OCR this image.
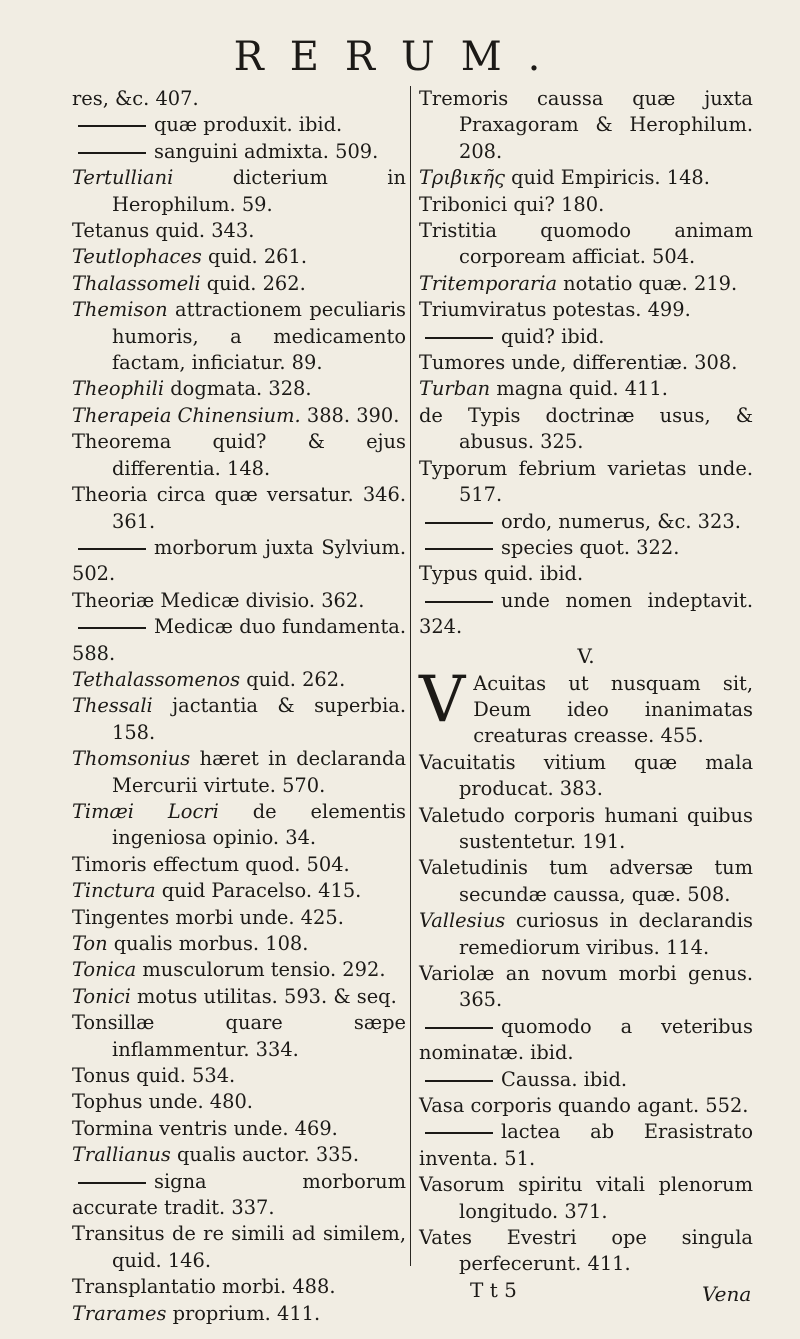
RERUM.
res, &c. 407.
quæ produxit. ibid.
sanguini admixta. 509.
Tertulliani dicterium in Herophilum. 59.
Tetanus quid. 343.
Teutlophaces quid. 261.
Thalassomeli quid. 262.
Themison attractionem peculiaris humoris, a medicamento factam, inficiatur. 89.
Theophili dogmata. 328.
Therapeia Chinensium. 388. 390.
Theorema quid? & ejus differentia. 148.
Theoria circa quæ versatur. 346. 361.
morborum juxta Sylvium. 502.
Theoriæ Medicæ divisio. 362.
Medicæ duo fundamenta. 588.
Tethalassomenos quid. 262.
Thessali jactantia & superbia. 158.
Thomsonius hæret in declaranda Mercurii virtute. 570.
Timæi Locri de elementis ingeniosa opinio. 34.
Timoris effectum quod. 504.
Tinctura quid Paracelso. 415.
Tingentes morbi unde. 425.
Ton qualis morbus. 108.
Tonica musculorum tensio. 292.
Tonici motus utilitas. 593. & seq.
Tonsillæ quare sæpe inflammentur. 334.
Tonus quid. 534.
Tophus unde. 480.
Tormina ventris unde. 469.
Trallianus qualis auctor. 335.
signa morborum accurate tradit. 337.
Transitus de re simili ad similem, quid. 146.
Transplantatio morbi. 488.
Trarames proprium. 411.
Tremoris caussa quæ juxta Praxagoram & Herophilum. 208.
Τριβικῆς quid Empiricis. 148.
Tribonici qui? 180.
Tristitia quomodo animam corpoream afficiat. 504.
Tritemporaria notatio quæ. 219.
Triumviratus potestas. 499.
quid? ibid.
Tumores unde, differentiæ. 308.
Turban magna quid. 411.
de Typis doctrinæ usus, & abusus. 325.
Typorum febrium varietas unde. 517.
ordo, numerus, &c. 323.
species quot. 322.
Typus quid. ibid.
unde nomen indeptavit. 324.
V.
V Acuitas ut nusquam sit, Deum ideo inanimatas creaturas creasse. 455.
Vacuitatis vitium quæ mala producat. 383.
Valetudo corporis humani quibus sustentetur. 191.
Valetudinis tum adversæ tum secundæ caussa, quæ. 508.
Vallesius curiosus in declarandis remediorum viribus. 114.
Variolæ an novum morbi genus. 365.
quomodo a veteribus nominatæ. ibid.
Caussa. ibid.
Vasa corporis quando agant. 552.
lactea ab Erasistrato inventa. 51.
Vasorum spiritu vitali plenorum longitudo. 371.
Vates Evestri ope singula perfecerunt. 411.
T t 5	Vena
